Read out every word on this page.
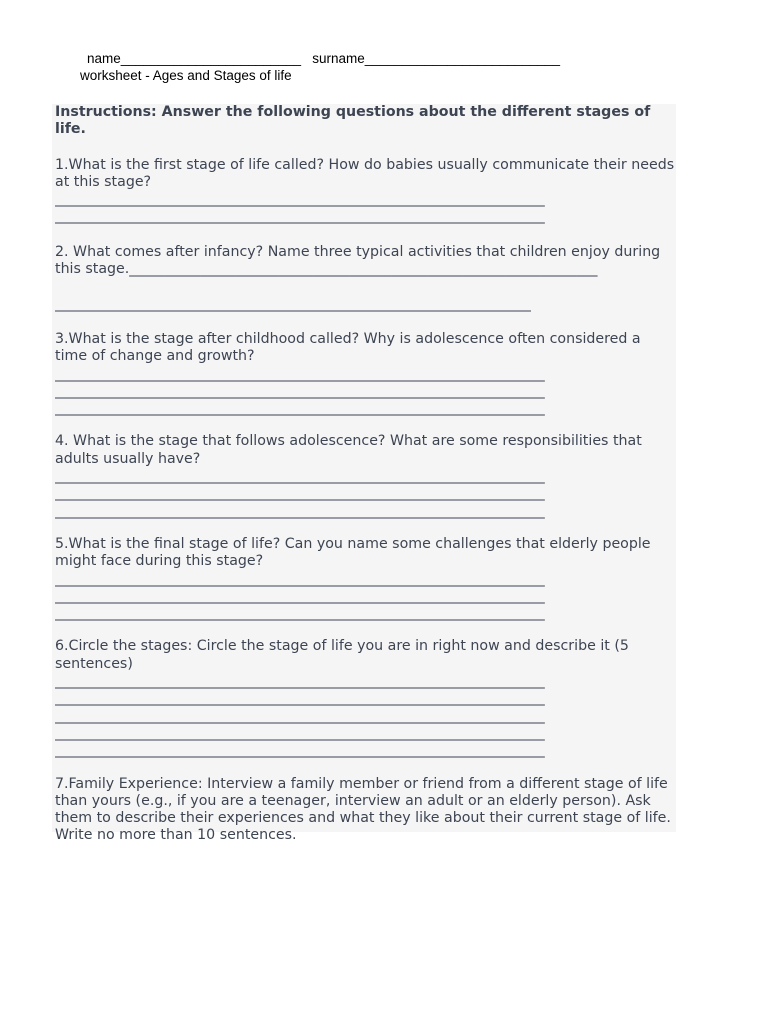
name________________________   surname__________________________
worksheet - Ages and Stages of life

Instructions: Answer the following questions about the different stages of life.

1.What is the first stage of life called? How do babies usually communicate their needs at this stage?

_______________________________________________________________________

_______________________________________________________________________

2. What comes after infancy? Name three typical activities that children enjoy during this stage.__________________________________________________________________

_____________________________________________________________________

3.What is the stage after childhood called? Why is adolescence often considered a time of change and growth?

_______________________________________________________________________

_______________________________________________________________________

_______________________________________________________________________

4. What is the stage that follows adolescence? What are some responsibilities that adults usually have?

_______________________________________________________________________

_______________________________________________________________________

_______________________________________________________________________

5.What is the final stage of life? Can you name some challenges that elderly people might face during this stage?

_______________________________________________________________________

_______________________________________________________________________

_______________________________________________________________________

6.Circle the stages: Circle the stage of life you are in right now and describe it (5 sentences)

_______________________________________________________________________

_______________________________________________________________________

_______________________________________________________________________

_______________________________________________________________________

_______________________________________________________________________

7.Family Experience: Interview a family member or friend from a different stage of life than yours (e.g., if you are a teenager, interview an adult or an elderly person). Ask them to describe their experiences and what they like about their current stage of life. Write no more than 10 sentences.
